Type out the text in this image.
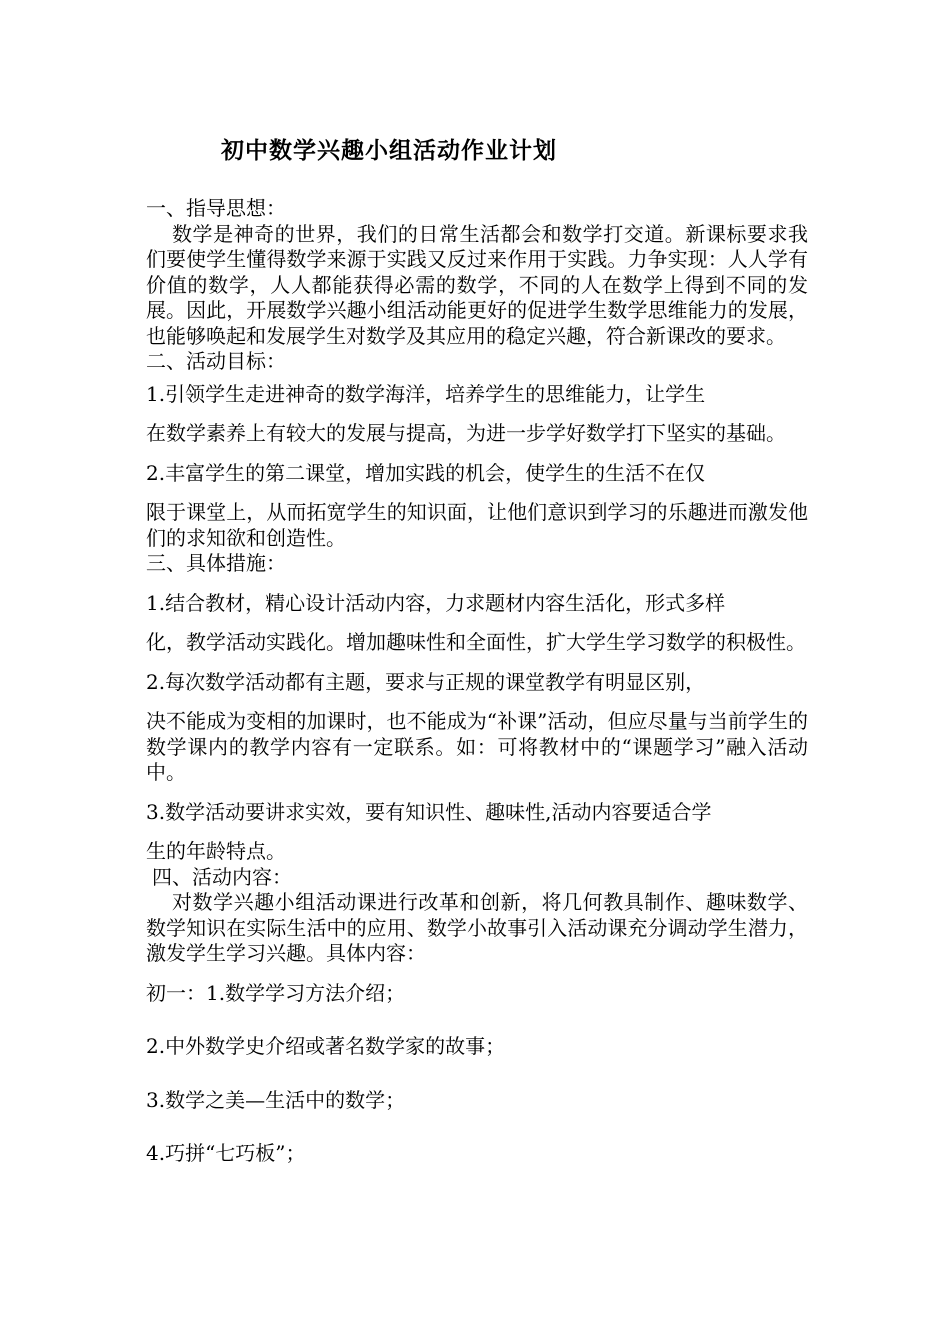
初中数学兴趣小组活动作业计划

一、指导思想：

数学是神奇的世界，我们的日常生活都会和数学打交道。新课标要求我们要使学生懂得数学来源于实践又反过来作用于实践。力争实现：人人学有价值的数学，人人都能获得必需的数学，不同的人在数学上得到不同的发展。因此，开展数学兴趣小组活动能更好的促进学生数学思维能力的发展，也能够唤起和发展学生对数学及其应用的稳定兴趣，符合新课改的要求。

二、活动目标：

1.引领学生走进神奇的数学海洋，培养学生的思维能力，让学生

在数学素养上有较大的发展与提高，为进一步学好数学打下坚实的基础。

2.丰富学生的第二课堂，增加实践的机会，使学生的生活不在仅

限于课堂上，从而拓宽学生的知识面，让他们意识到学习的乐趣进而激发他们的求知欲和创造性。

三、具体措施：

1.结合教材，精心设计活动内容，力求题材内容生活化，形式多样

化，教学活动实践化。增加趣味性和全面性，扩大学生学习数学的积极性。

2.每次数学活动都有主题，要求与正规的课堂教学有明显区别，

决不能成为变相的加课时，也不能成为“补课”活动，但应尽量与当前学生的数学课内的教学内容有一定联系。如：可将教材中的“课题学习”融入活动中。

3.数学活动要讲求实效，要有知识性、趣味性,活动内容要适合学

生的年龄特点。

四、活动内容：

对数学兴趣小组活动课进行改革和创新，将几何教具制作、趣味数学、数学知识在实际生活中的应用、数学小故事引入活动课充分调动学生潜力，激发学生学习兴趣。具体内容：

初一：1.数学学习方法介绍；

2.中外数学史介绍或著名数学家的故事；

3.数学之美—生活中的数学；

4.巧拼“七巧板”；
